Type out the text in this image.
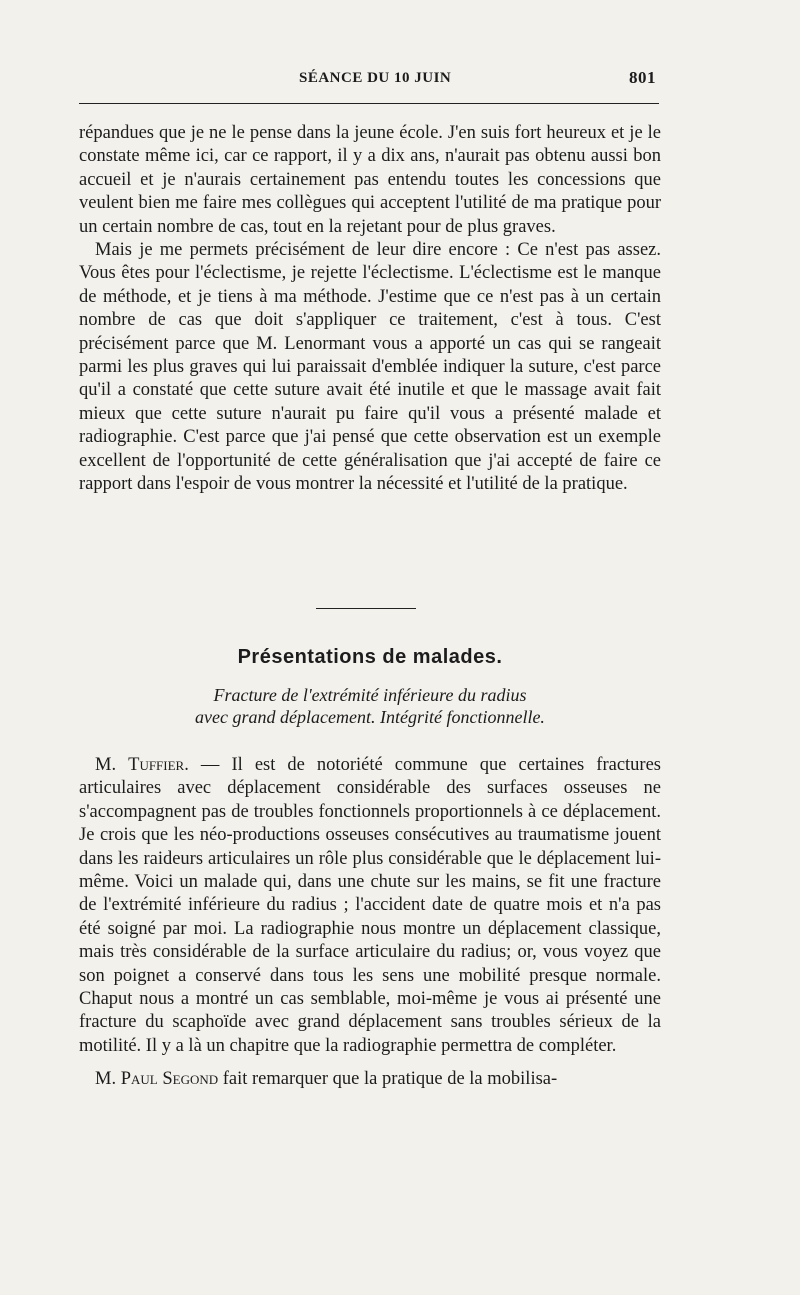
SÉANCE DU 10 JUIN	801

répandues que je ne le pense dans la jeune école. J'en suis fort heureux et je le constate même ici, car ce rapport, il y a dix ans, n'aurait pas obtenu aussi bon accueil et je n'aurais certainement pas entendu toutes les concessions que veulent bien me faire mes collègues qui acceptent l'utilité de ma pratique pour un certain nombre de cas, tout en la rejetant pour de plus graves.

Mais je me permets précisément de leur dire encore : Ce n'est pas assez. Vous êtes pour l'éclectisme, je rejette l'éclectisme. L'éclectisme est le manque de méthode, et je tiens à ma méthode. J'estime que ce n'est pas à un certain nombre de cas que doit s'appliquer ce traitement, c'est à tous. C'est précisément parce que M. Lenormant vous a apporté un cas qui se rangeait parmi les plus graves qui lui paraissait d'emblée indiquer la suture, c'est parce qu'il a constaté que cette suture avait été inutile et que le massage avait fait mieux que cette suture n'aurait pu faire qu'il vous a présenté malade et radiographie. C'est parce que j'ai pensé que cette observation est un exemple excellent de l'opportunité de cette généralisation que j'ai accepté de faire ce rapport dans l'espoir de vous montrer la nécessité et l'utilité de la pratique.

Présentations de malades.
Fracture de l'extrémité inférieure du radius
avec grand déplacement. Intégrité fonctionnelle.

M. Tuffier. — Il est de notoriété commune que certaines fractures articulaires avec déplacement considérable des surfaces osseuses ne s'accompagnent pas de troubles fonctionnels proportionnels à ce déplacement. Je crois que les néo-productions osseuses consécutives au traumatisme jouent dans les raideurs articulaires un rôle plus considérable que le déplacement lui-même. Voici un malade qui, dans une chute sur les mains, se fit une fracture de l'extrémité inférieure du radius ; l'accident date de quatre mois et n'a pas été soigné par moi. La radiographie nous montre un déplacement classique, mais très considérable de la surface articulaire du radius; or, vous voyez que son poignet a conservé dans tous les sens une mobilité presque normale. Chaput nous a montré un cas semblable, moi-même je vous ai présenté une fracture du scaphoïde avec grand déplacement sans troubles sérieux de la motilité. Il y a là un chapitre que la radiographie permettra de compléter.

M. Paul Segond fait remarquer que la pratique de la mobilisa-
